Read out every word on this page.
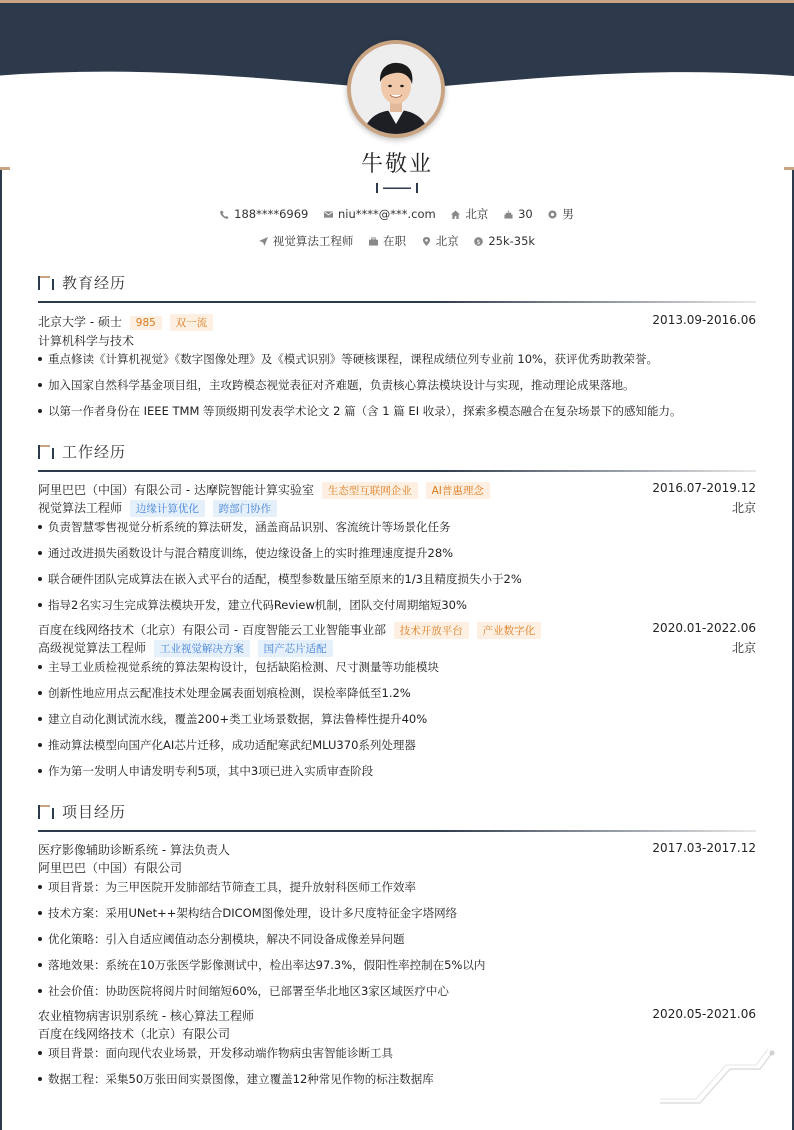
牛敬业
188****6969	niu****@***.com	北京	30	男
视觉算法工程师	在职	北京	$ 25k-35k
教育经历
北京大学 - 硕士 985 双一流	2013.09-2016.06
计算机科学与技术
重点修读《计算机视觉》《数字图像处理》及《模式识别》等硬核课程，课程成绩位列专业前 10%，获评优秀助教荣誉。
加入国家自然科学基金项目组，主攻跨模态视觉表征对齐难题，负责核心算法模块设计与实现，推动理论成果落地。
以第一作者身份在 IEEE TMM 等顶级期刊发表学术论文 2 篇（含 1 篇 EI 收录），探索多模态融合在复杂场景下的感知能力。
工作经历
阿里巴巴（中国）有限公司 - 达摩院智能计算实验室 生态型互联网企业 AI普惠理念	2016.07-2019.12
视觉算法工程师 边缘计算优化 跨部门协作	北京
负责智慧零售视觉分析系统的算法研发，涵盖商品识别、客流统计等场景化任务
通过改进损失函数设计与混合精度训练，使边缘设备上的实时推理速度提升28%
联合硬件团队完成算法在嵌入式平台的适配，模型参数量压缩至原来的1/3且精度损失小于2%
指导2名实习生完成算法模块开发，建立代码Review机制，团队交付周期缩短30%
百度在线网络技术（北京）有限公司 - 百度智能云工业智能事业部 技术开放平台 产业数字化	2020.01-2022.06
高级视觉算法工程师 工业视觉解决方案 国产芯片适配	北京
主导工业质检视觉系统的算法架构设计，包括缺陷检测、尺寸测量等功能模块
创新性地应用点云配准技术处理金属表面划痕检测，误检率降低至1.2%
建立自动化测试流水线，覆盖200+类工业场景数据，算法鲁棒性提升40%
推动算法模型向国产化AI芯片迁移，成功适配寒武纪MLU370系列处理器
作为第一发明人申请发明专利5项，其中3项已进入实质审查阶段
项目经历
医疗影像辅助诊断系统 - 算法负责人	2017.03-2017.12
阿里巴巴（中国）有限公司
项目背景：为三甲医院开发肺部结节筛查工具，提升放射科医师工作效率
技术方案：采用UNet++架构结合DICOM图像处理，设计多尺度特征金字塔网络
优化策略：引入自适应阈值动态分割模块，解决不同设备成像差异问题
落地效果：系统在10万张医学影像测试中，检出率达97.3%，假阳性率控制在5%以内
社会价值：协助医院将阅片时间缩短60%，已部署至华北地区3家区域医疗中心
农业植物病害识别系统 - 核心算法工程师	2020.05-2021.06
百度在线网络技术（北京）有限公司
项目背景：面向现代农业场景，开发移动端作物病虫害智能诊断工具
数据工程：采集50万张田间实景图像，建立覆盖12种常见作物的标注数据库
